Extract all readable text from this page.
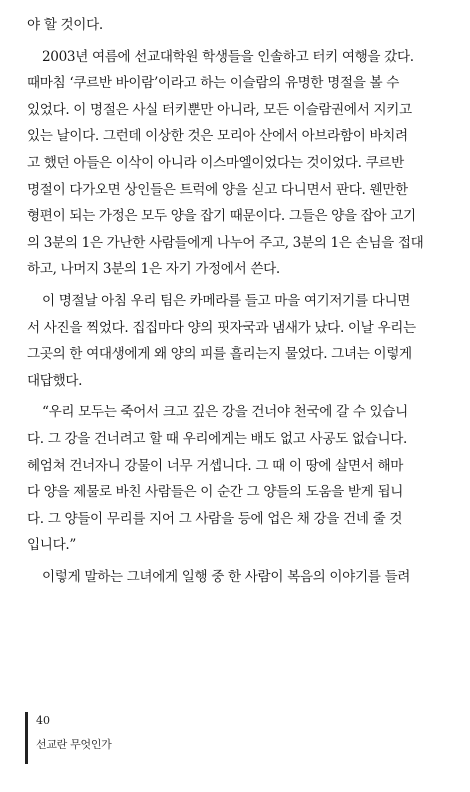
야 할 것이다.
2003년 여름에 선교대학원 학생들을 인솔하고 터키 여행을 갔다.
때마침 ‘쿠르반 바이람’이라고 하는 이슬람의 유명한 명절을 볼 수
있었다. 이 명절은 사실 터키뿐만 아니라, 모든 이슬람권에서 지키고
있는 날이다. 그런데 이상한 것은 모리아 산에서 아브라함이 바치려
고 했던 아들은 이삭이 아니라 이스마엘이었다는 것이었다. 쿠르반
명절이 다가오면 상인들은 트럭에 양을 싣고 다니면서 판다. 웬만한
형편이 되는 가정은 모두 양을 잡기 때문이다. 그들은 양을 잡아 고기
의 3분의 1은 가난한 사람들에게 나누어 주고, 3분의 1은 손님을 접대
하고, 나머지 3분의 1은 자기 가정에서 쓴다.
이 명절날 아침 우리 팀은 카메라를 들고 마을 여기저기를 다니면
서 사진을 찍었다. 집집마다 양의 핏자국과 냄새가 났다. 이날 우리는
그곳의 한 여대생에게 왜 양의 피를 흘리는지 물었다. 그녀는 이렇게
대답했다.
“우리 모두는 죽어서 크고 깊은 강을 건너야 천국에 갈 수 있습니
다. 그 강을 건너려고 할 때 우리에게는 배도 없고 사공도 없습니다.
헤엄쳐 건너자니 강물이 너무 거셉니다. 그 때 이 땅에 살면서 해마
다 양을 제물로 바친 사람들은 이 순간 그 양들의 도움을 받게 됩니
다. 그 양들이 무리를 지어 그 사람을 등에 업은 채 강을 건네 줄 것
입니다.”
이렇게 말하는 그녀에게 일행 중 한 사람이 복음의 이야기를 들려
40
선교란 무엇인가
